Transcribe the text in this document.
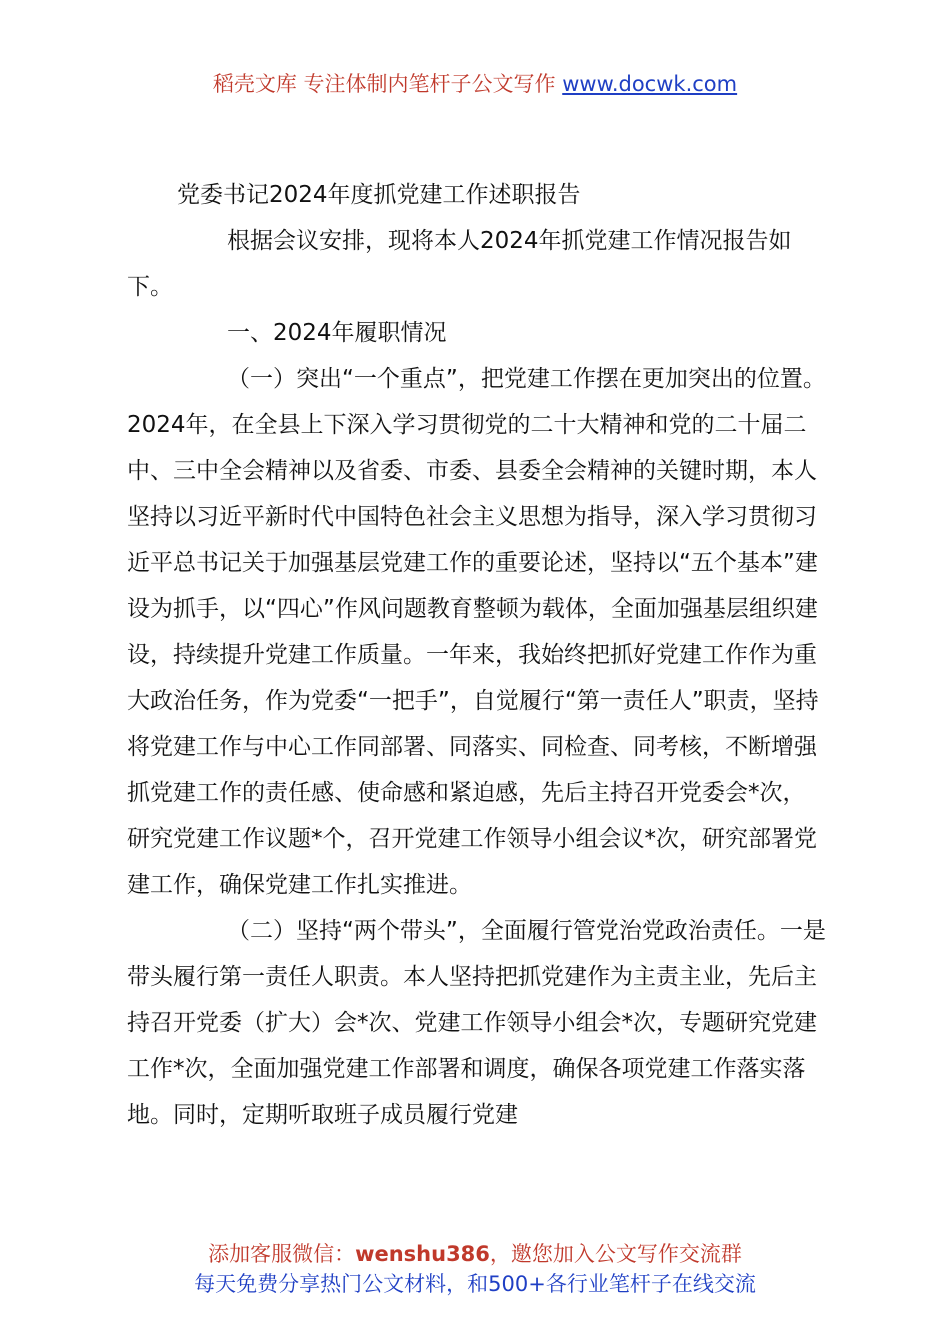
稻壳文库 专注体制内笔杆子公文写作 www.docwk.com

党委书记2024年度抓党建工作述职报告

根据会议安排，现将本人2024年抓党建工作情况报告如下。

一、2024年履职情况

（一）突出“一个重点”，把党建工作摆在更加突出的位置。2024年，在全县上下深入学习贯彻党的二十大精神和党的二十届二中、三中全会精神以及省委、市委、县委全会精神的关键时期，本人坚持以习近平新时代中国特色社会主义思想为指导，深入学习贯彻习近平总书记关于加强基层党建工作的重要论述，坚持以“五个基本”建设为抓手，以“四心”作风问题教育整顿为载体，全面加强基层组织建设，持续提升党建工作质量。一年来，我始终把抓好党建工作作为重大政治任务，作为党委“一把手”，自觉履行“第一责任人”职责，坚持将党建工作与中心工作同部署、同落实、同检查、同考核，不断增强抓党建工作的责任感、使命感和紧迫感，先后主持召开党委会*次，研究党建工作议题*个，召开党建工作领导小组会议*次，研究部署党建工作，确保党建工作扎实推进。

（二）坚持“两个带头”，全面履行管党治党政治责任。一是带头履行第一责任人职责。本人坚持把抓党建作为主责主业，先后主持召开党委（扩大）会*次、党建工作领导小组会*次，专题研究党建工作*次，全面加强党建工作部署和调度，确保各项党建工作落实落地。同时，定期听取班子成员履行党建

添加客服微信：wenshu386，邀您加入公文写作交流群
每天免费分享热门公文材料，和500+各行业笔杆子在线交流
